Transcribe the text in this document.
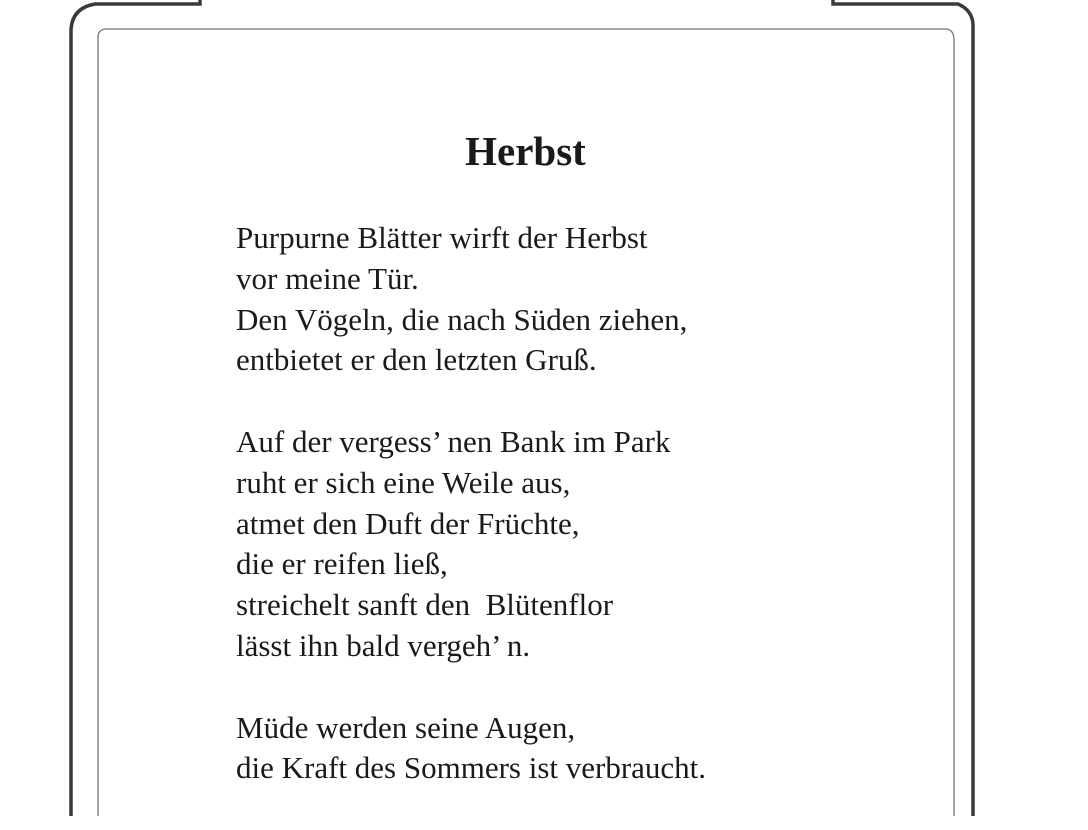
Herbst
Purpurne Blätter wirft der Herbst
vor meine Tür.
Den Vögeln, die nach Süden ziehen,
entbietet er den letzten Gruß.
Auf der vergess’ nen Bank im Park
ruht er sich eine Weile aus,
atmet den Duft der Früchte,
die er reifen ließ,
streichelt sanft den  Blütenflor
lässt ihn bald vergeh’ n.
Müde werden seine Augen,
die Kraft des Sommers ist verbraucht.
